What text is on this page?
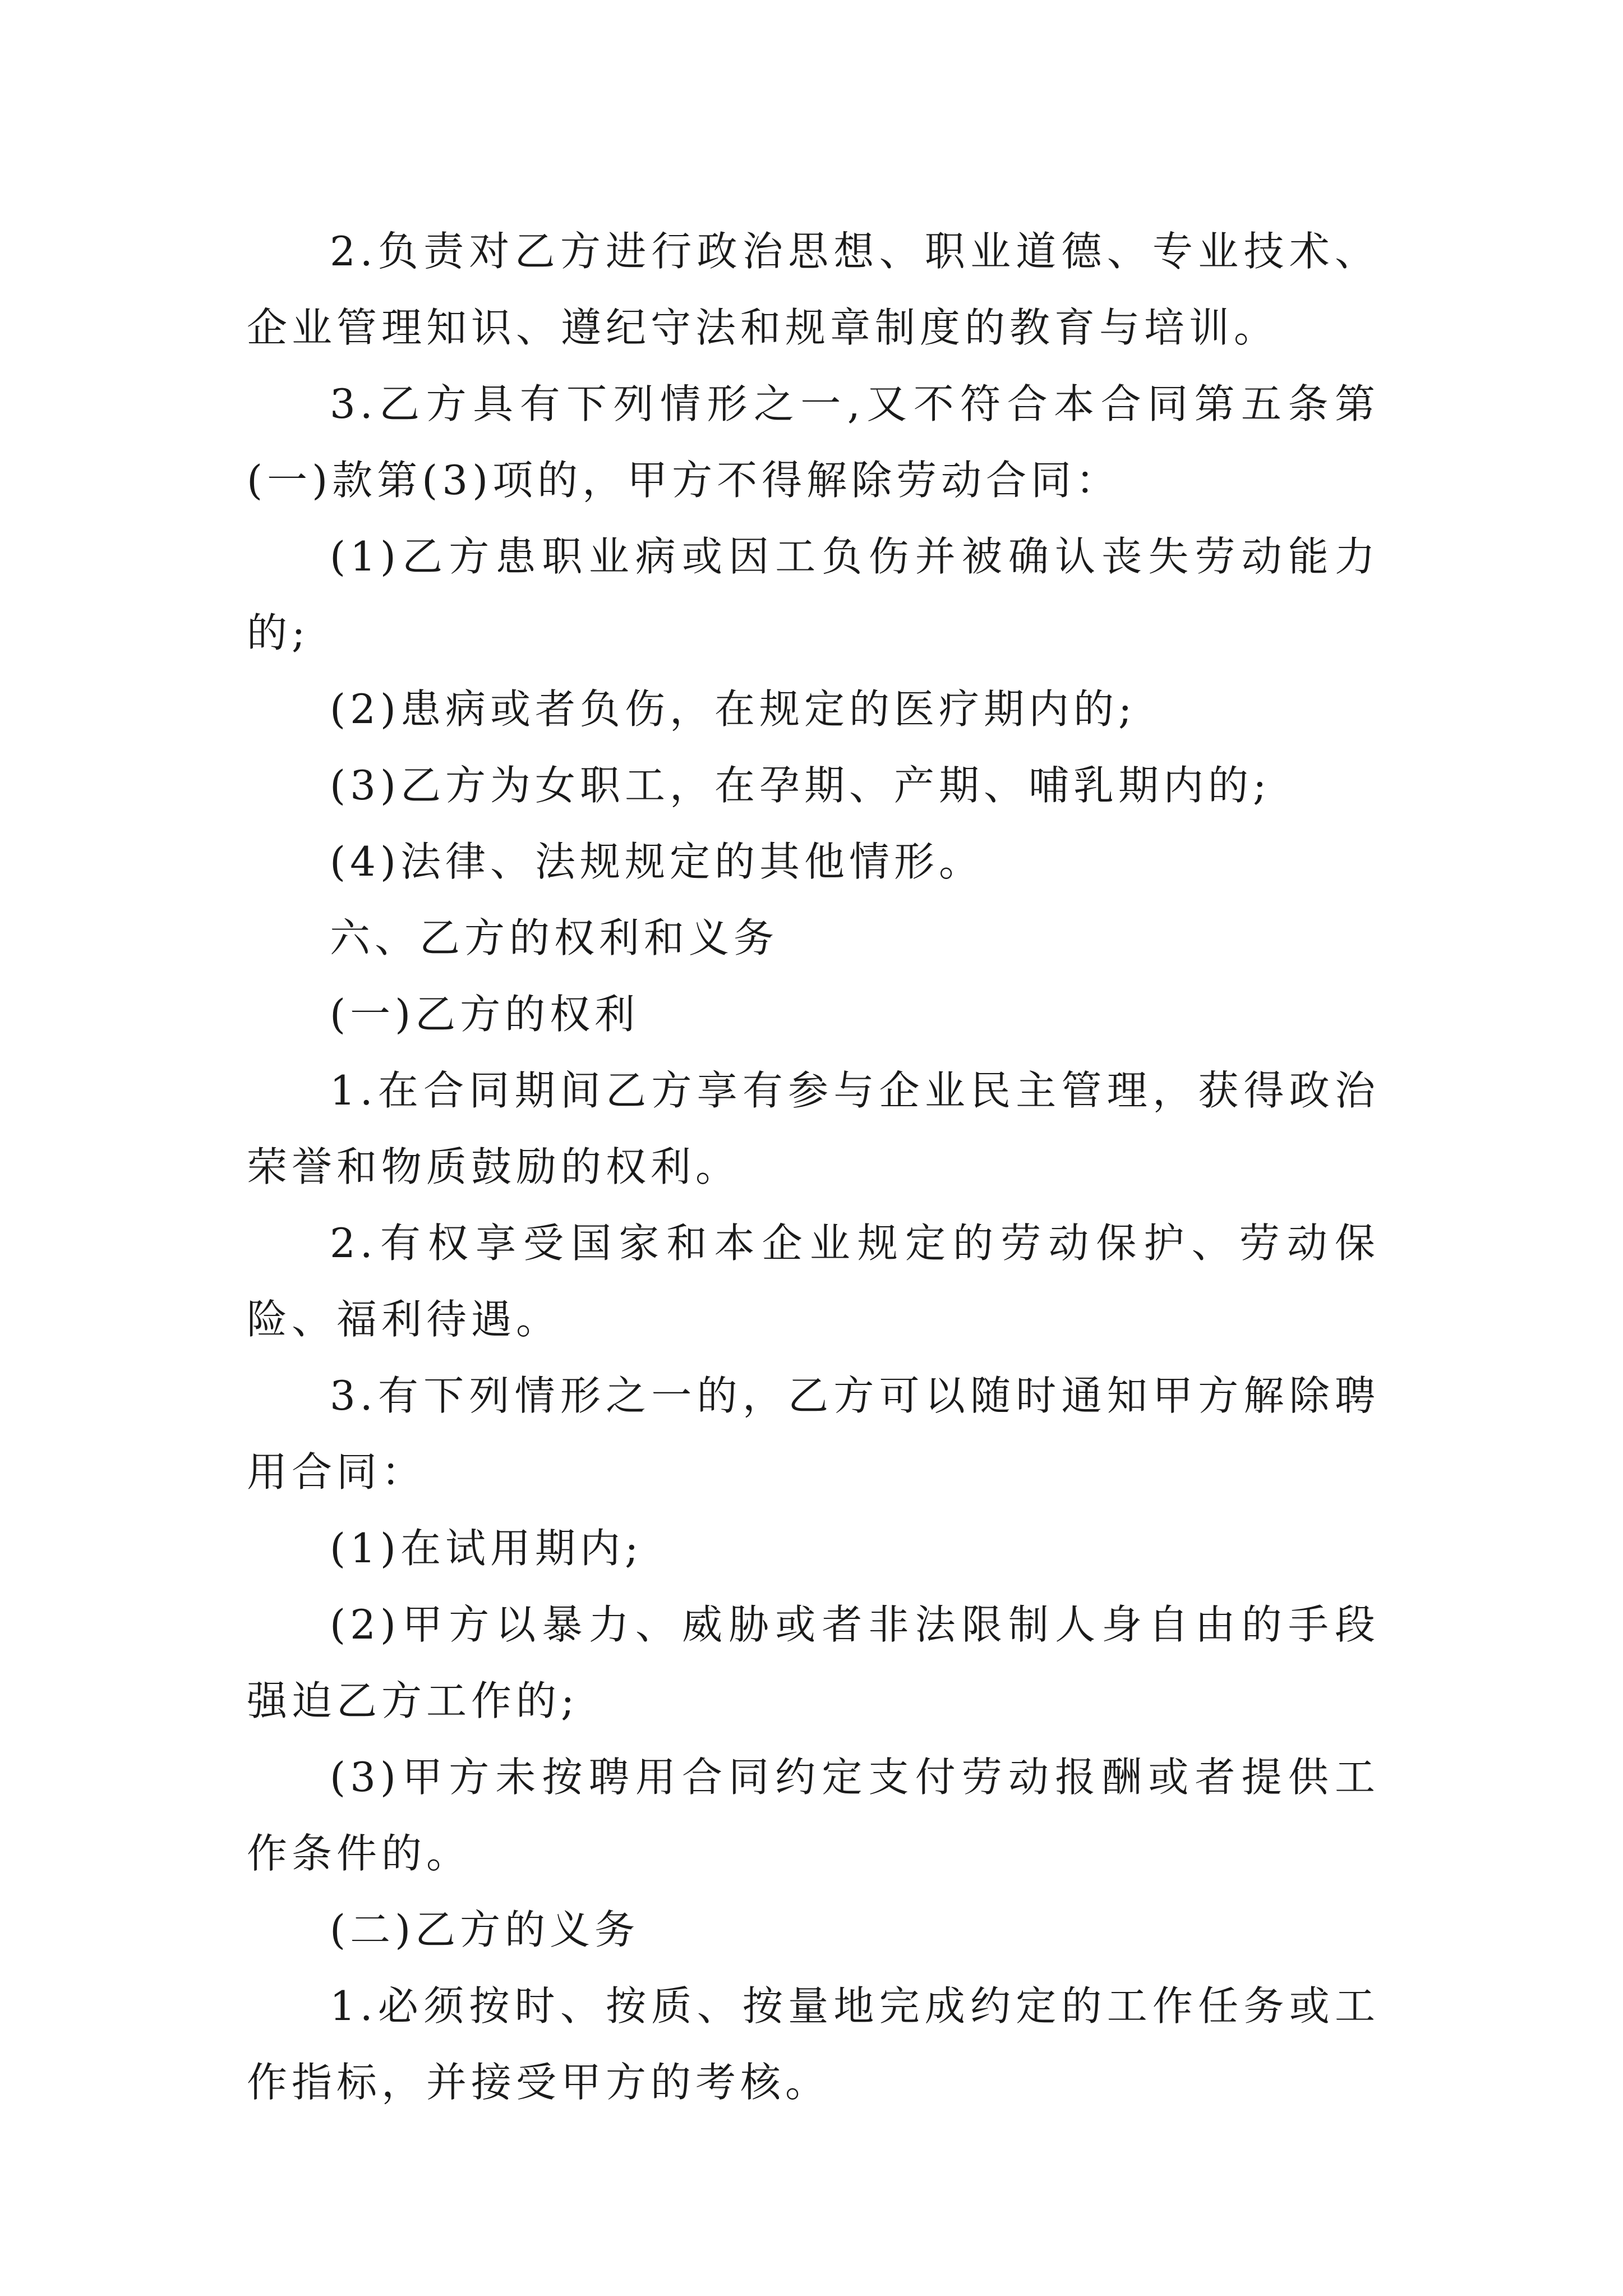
2.负责对乙方进行政治思想、职业道德、专业技术、企业管理知识、遵纪守法和规章制度的教育与培训。

3.乙方具有下列情形之一,又不符合本合同第五条第(一)款第(3)项的，甲方不得解除劳动合同：

(1)乙方患职业病或因工负伤并被确认丧失劳动能力的;

(2)患病或者负伤，在规定的医疗期内的;

(3)乙方为女职工，在孕期、产期、哺乳期内的;

(4)法律、法规规定的其他情形。

六、乙方的权利和义务

(一)乙方的权利

1.在合同期间乙方享有参与企业民主管理，获得政治荣誉和物质鼓励的权利。

2.有权享受国家和本企业规定的劳动保护、劳动保险、福利待遇。

3.有下列情形之一的，乙方可以随时通知甲方解除聘用合同：

(1)在试用期内;

(2)甲方以暴力、威胁或者非法限制人身自由的手段强迫乙方工作的;

(3)甲方未按聘用合同约定支付劳动报酬或者提供工作条件的。

(二)乙方的义务

1.必须按时、按质、按量地完成约定的工作任务或工作指标，并接受甲方的考核。
